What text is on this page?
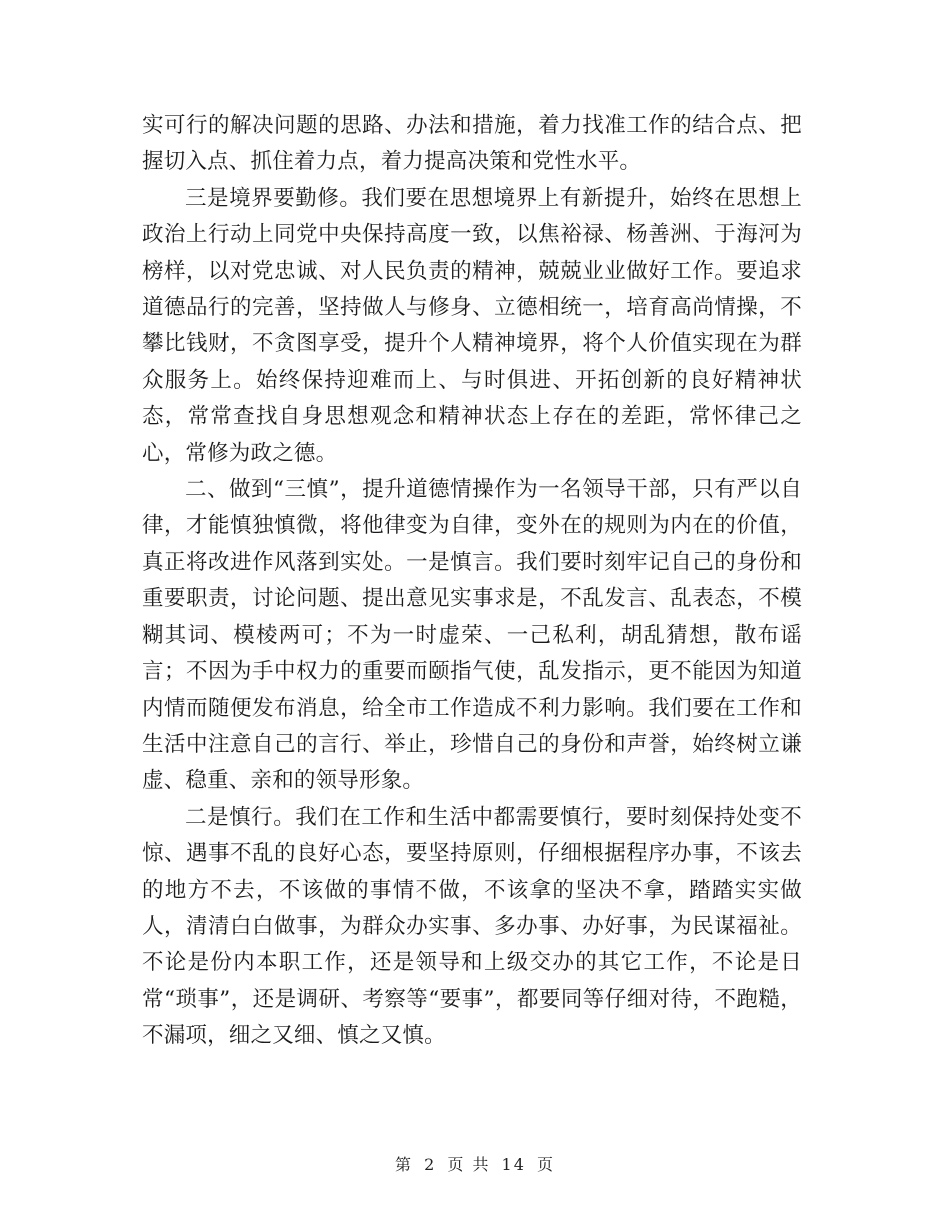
实可行的解决问题的思路、办法和措施，着力找准工作的结合点、把握切入点、抓住着力点，着力提高决策和党性水平。

三是境界要勤修。我们要在思想境界上有新提升，始终在思想上政治上行动上同党中央保持高度一致，以焦裕禄、杨善洲、于海河为榜样，以对党忠诚、对人民负责的精神，兢兢业业做好工作。要追求道德品行的完善，坚持做人与修身、立德相统一，培育高尚情操，不攀比钱财，不贪图享受，提升个人精神境界，将个人价值实现在为群众服务上。始终保持迎难而上、与时俱进、开拓创新的良好精神状态，常常查找自身思想观念和精神状态上存在的差距，常怀律己之心，常修为政之德。

二、做到“三慎”，提升道德情操作为一名领导干部，只有严以自律，才能慎独慎微，将他律变为自律，变外在的规则为内在的价值，真正将改进作风落到实处。一是慎言。我们要时刻牢记自己的身份和重要职责，讨论问题、提出意见实事求是，不乱发言、乱表态，不模糊其词、模棱两可；不为一时虚荣、一己私利，胡乱猜想，散布谣言；不因为手中权力的重要而颐指气使，乱发指示，更不能因为知道内情而随便发布消息，给全市工作造成不利力影响。我们要在工作和生活中注意自己的言行、举止，珍惜自己的身份和声誉，始终树立谦虚、稳重、亲和的领导形象。

二是慎行。我们在工作和生活中都需要慎行，要时刻保持处变不惊、遇事不乱的良好心态，要坚持原则，仔细根据程序办事，不该去的地方不去，不该做的事情不做，不该拿的坚决不拿，踏踏实实做人，清清白白做事，为群众办实事、多办事、办好事，为民谋福祉。不论是份内本职工作，还是领导和上级交办的其它工作，不论是日常“琐事”，还是调研、考察等“要事”，都要同等仔细对待，不跑糙，不漏项，细之又细、慎之又慎。

第 2 页 共 14 页
